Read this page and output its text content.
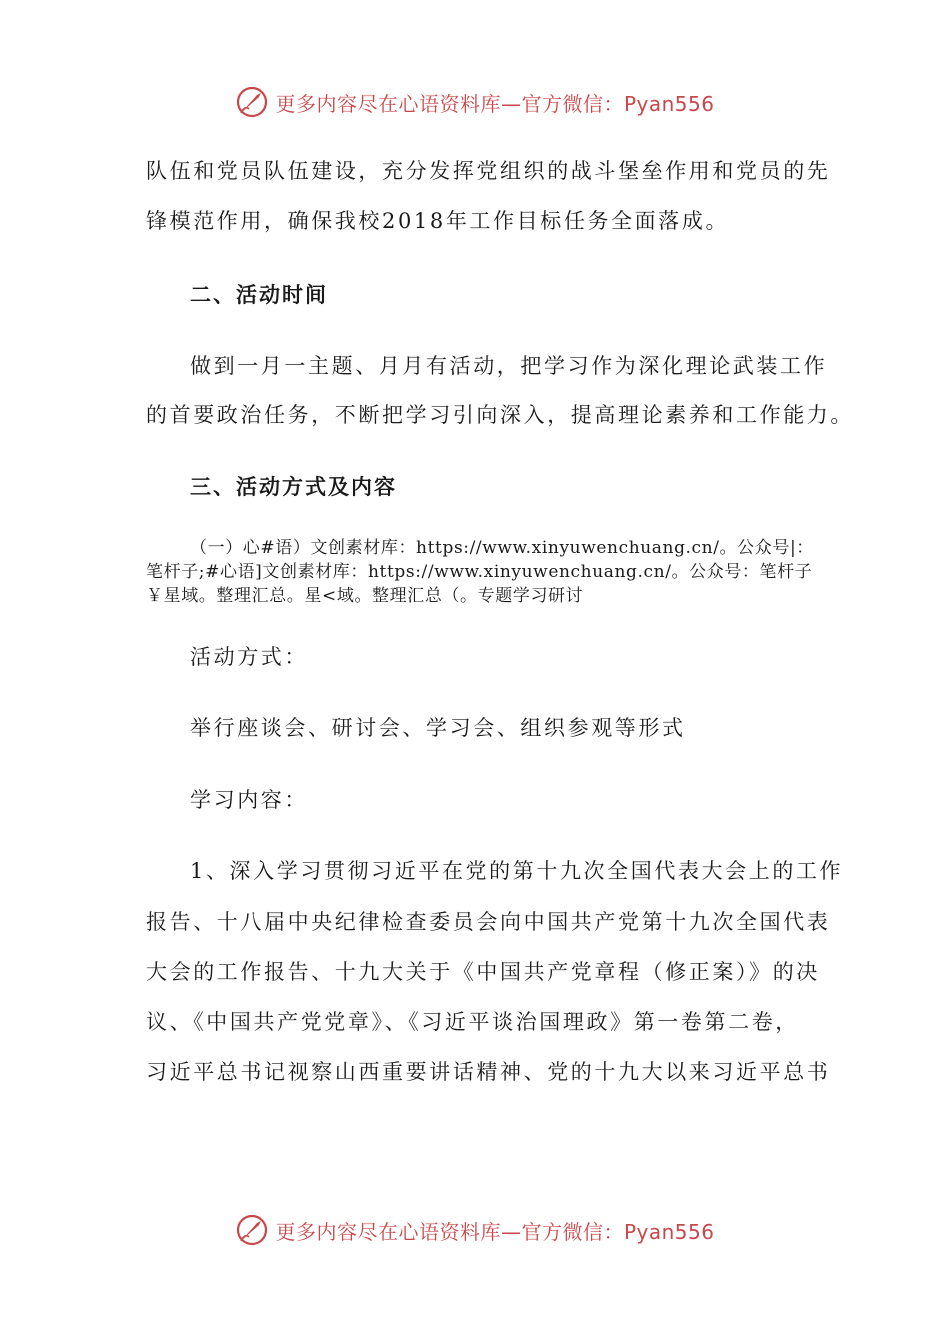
更多内容尽在心语资料库—官方微信：Pyan556
队伍和党员队伍建设，充分发挥党组织的战斗堡垒作用和党员的先
锋模范作用，确保我校2018年工作目标任务全面落成。
二、活动时间
做到一月一主题、月月有活动，把学习作为深化理论武装工作
的首要政治任务，不断把学习引向深入，提高理论素养和工作能力。
三、活动方式及内容
（一）心#语）文创素材库：https://www.xinyuwenchuang.cn/。公众号|：
笔杆子;#心语]文创素材库：https://www.xinyuwenchuang.cn/。公众号：笔杆子
￥星域。整理汇总。星<域。整理汇总（。专题学习研讨
活动方式：
举行座谈会、研讨会、学习会、组织参观等形式
学习内容：
1、深入学习贯彻习近平在党的第十九次全国代表大会上的工作
报告、十八届中央纪律检查委员会向中国共产党第十九次全国代表
大会的工作报告、十九大关于《中国共产党章程（修正案）》的决
议、《中国共产党党章》、《习近平谈治国理政》第一卷第二卷，
习近平总书记视察山西重要讲话精神、党的十九大以来习近平总书
更多内容尽在心语资料库—官方微信：Pyan556
